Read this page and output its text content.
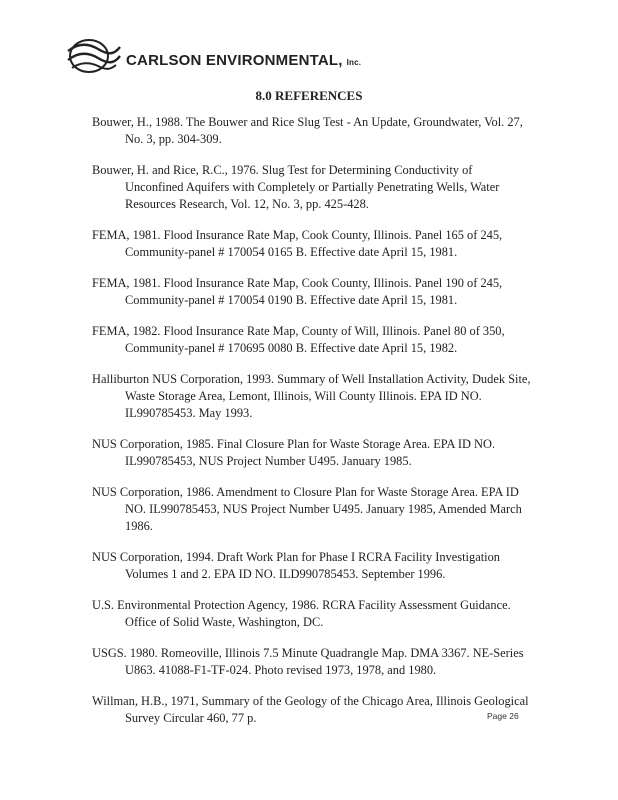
CARLSON ENVIRONMENTAL, Inc.
8.0 REFERENCES
Bouwer, H., 1988. The Bouwer and Rice Slug Test - An Update, Groundwater, Vol. 27, No. 3, pp. 304-309.
Bouwer, H. and Rice, R.C., 1976. Slug Test for Determining Conductivity of Unconfined Aquifers with Completely or Partially Penetrating Wells, Water Resources Research, Vol. 12, No. 3, pp. 425-428.
FEMA, 1981. Flood Insurance Rate Map, Cook County, Illinois. Panel 165 of 245, Community-panel # 170054 0165 B. Effective date April 15, 1981.
FEMA, 1981. Flood Insurance Rate Map, Cook County, Illinois. Panel 190 of 245, Community-panel # 170054 0190 B. Effective date April 15, 1981.
FEMA, 1982. Flood Insurance Rate Map, County of Will, Illinois. Panel 80 of 350, Community-panel # 170695 0080 B. Effective date April 15, 1982.
Halliburton NUS Corporation, 1993. Summary of Well Installation Activity, Dudek Site, Waste Storage Area, Lemont, Illinois, Will County Illinois. EPA ID NO. IL990785453. May 1993.
NUS Corporation, 1985. Final Closure Plan for Waste Storage Area. EPA ID NO. IL990785453, NUS Project Number U495. January 1985.
NUS Corporation, 1986. Amendment to Closure Plan for Waste Storage Area. EPA ID NO. IL990785453, NUS Project Number U495. January 1985, Amended March 1986.
NUS Corporation, 1994. Draft Work Plan for Phase I RCRA Facility Investigation Volumes 1 and 2. EPA ID NO. ILD990785453. September 1996.
U.S. Environmental Protection Agency, 1986. RCRA Facility Assessment Guidance. Office of Solid Waste, Washington, DC.
USGS. 1980. Romeoville, Illinois 7.5 Minute Quadrangle Map. DMA 3367. NE-Series U863. 41088-F1-TF-024. Photo revised 1973, 1978, and 1980.
Willman, H.B., 1971, Summary of the Geology of the Chicago Area, Illinois Geological Survey Circular 460, 77 p.	Page 26
